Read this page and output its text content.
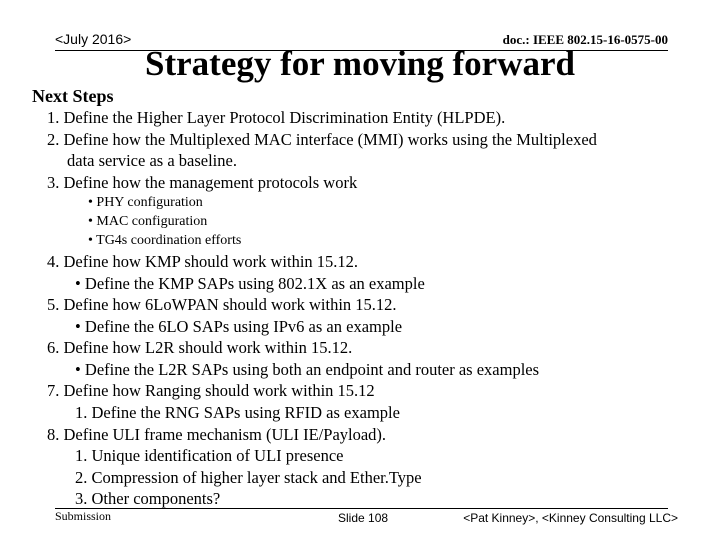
<July 2016>	doc.: IEEE 802.15-16-0575-00
Strategy for moving forward
Next Steps
1. Define the Higher Layer Protocol Discrimination Entity (HLPDE).
2. Define how the Multiplexed MAC interface (MMI) works using the Multiplexed
data service as a baseline.
3. Define how the management protocols work
• PHY configuration
• MAC configuration
• TG4s coordination efforts
4. Define how KMP should work within 15.12.
• Define the KMP SAPs using 802.1X as an example
5. Define how 6LoWPAN should work within 15.12.
• Define the 6LO SAPs using IPv6 as an example
6. Define how L2R should work within 15.12.
• Define the L2R SAPs using both an endpoint and router as examples
7. Define how Ranging should work within 15.12
1. Define the RNG SAPs using RFID as example
8. Define ULI frame mechanism (ULI IE/Payload).
1. Unique identification of ULI presence
2. Compression of higher layer stack and Ether.Type
3. Other components?
Submission	Slide 108	<Pat Kinney>, <Kinney Consulting LLC>
